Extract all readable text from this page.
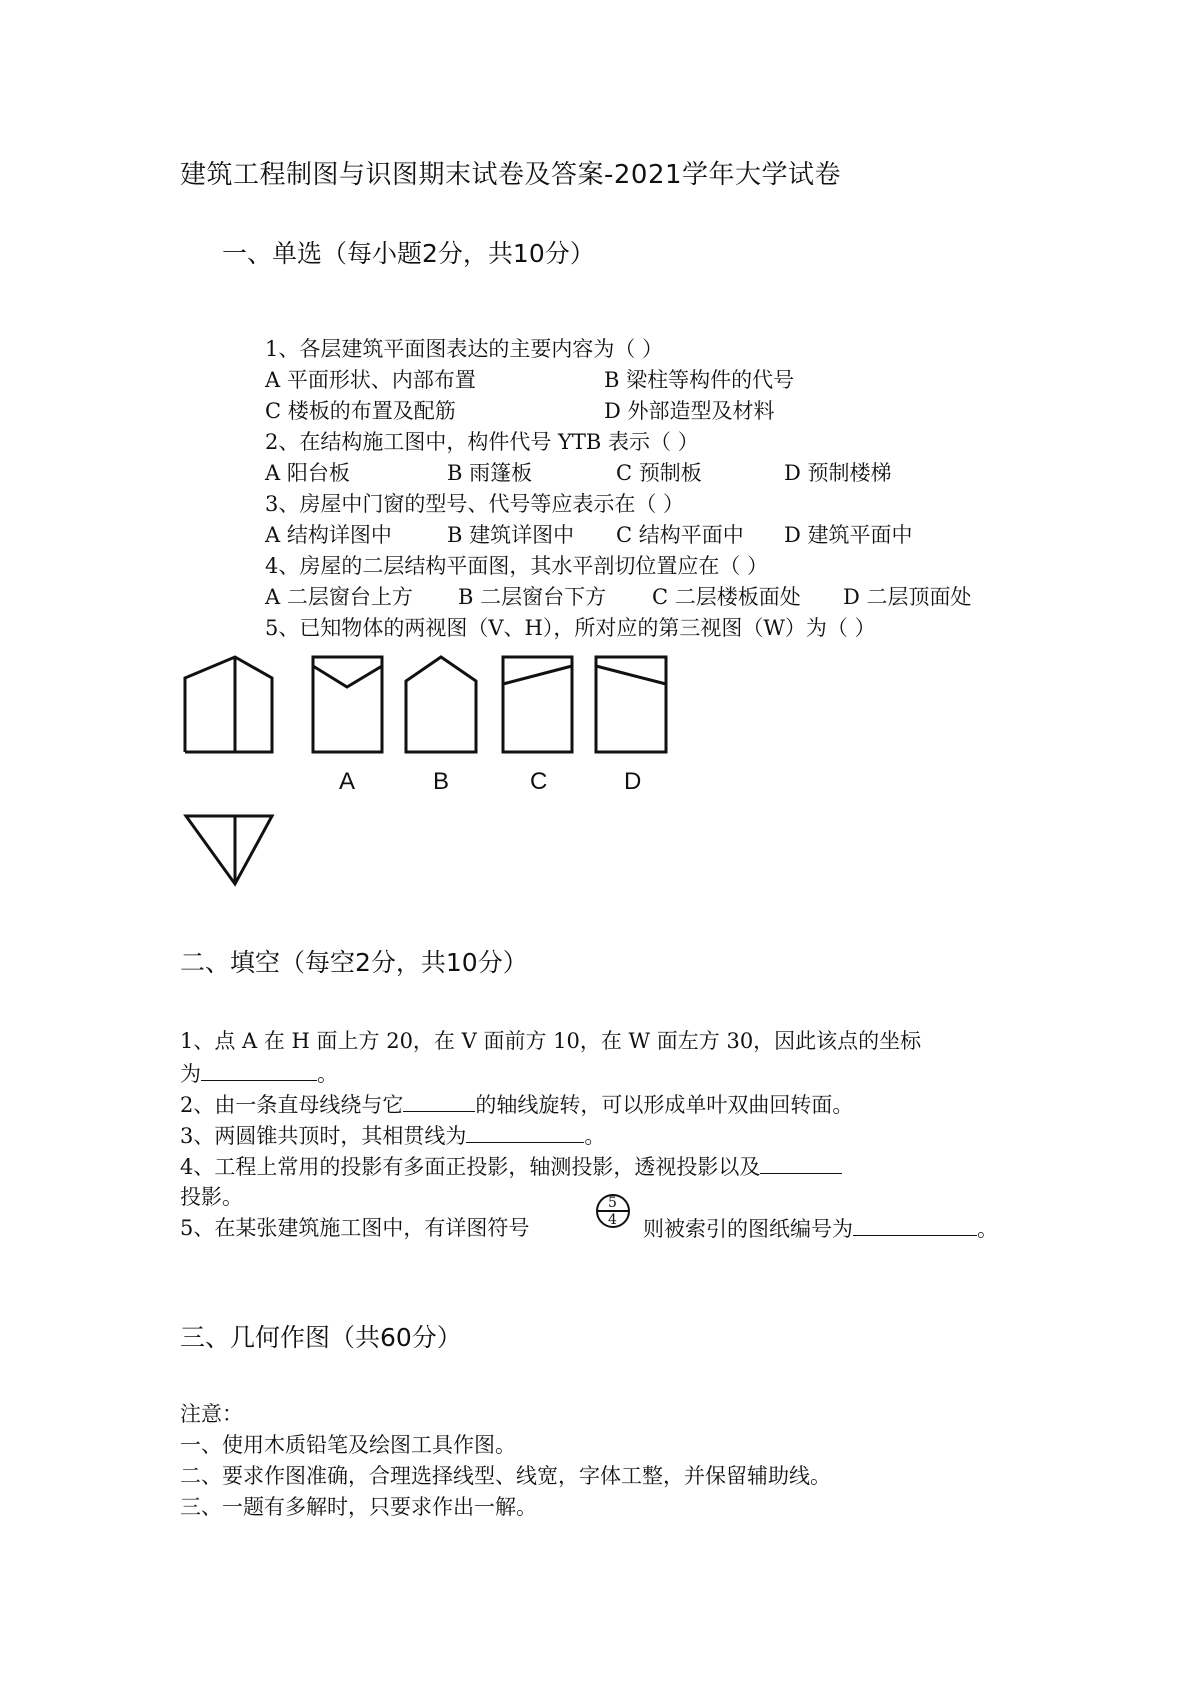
建筑工程制图与识图期末试卷及答案-2021学年大学试卷
一、单选（每小题2分，共10分）
1、各层建筑平面图表达的主要内容为（ ）
A 平面形状、内部布置	B 梁柱等构件的代号
C 楼板的布置及配筋	D 外部造型及材料
2、在结构施工图中，构件代号 YTB 表示（ ）
A 阳台板	B 雨篷板	C 预制板	D 预制楼梯
3、房屋中门窗的型号、代号等应表示在（ ）
A 结构详图中	B 建筑详图中 C 结构平面中 D 建筑平面中
4、房屋的二层结构平面图，其水平剖切位置应在（ ）
A 二层窗台上方 B 二层窗台下方 C 二层楼板面处 D 二层顶面处
5、已知物体的两视图（V、H），所对应的第三视图（W）为（ ）
A	B	C	D
5
4
二、填空（每空2分，共10分）
1、点 A 在 H 面上方 20，在 V 面前方 10，在 W 面左方 30，因此该点的坐标
为	。
2、由一条直母线绕与它	的轴线旋转，可以形成单叶双曲回转面。
3、两圆锥共顶时，其相贯线为	。
4、工程上常用的投影有多面正投影，轴测投影，透视投影以及
投影。
5、在某张建筑施工图中，有详图符号	则被索引的图纸编号为	。
三、几何作图（共60分）
注意：
一、使用木质铅笔及绘图工具作图。
二、要求作图准确，合理选择线型、线宽，字体工整，并保留辅助线。
三、一题有多解时，只要求作出一解。
